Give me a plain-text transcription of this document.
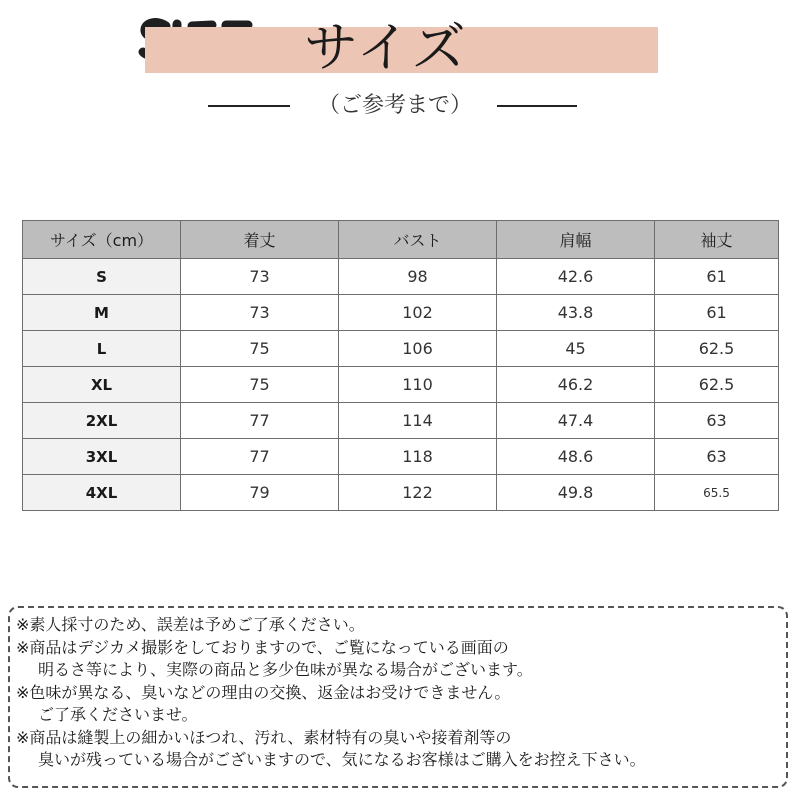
サイズ
（ご参考まで）
サイズ（cm）	着丈	バスト	肩幅	袖丈
S	73	98	42.6	61
M	73	102	43.8	61
L	75	106	45	62.5
XL	75	110	46.2	62.5
2XL	77	114	47.4	63
3XL	77	118	48.6	63
4XL	79	122	49.8	65.5

※素人採寸のため、誤差は予めご了承ください。

※商品はデジカメ撮影をしておりますので、ご覧になっている画面の

明るさ等により、実際の商品と多少色味が異なる場合がございます。

※色味が異なる、臭いなどの理由の交換、返金はお受けできません。

ご了承くださいませ。

※商品は縫製上の細かいほつれ、汚れ、素材特有の臭いや接着剤等の

臭いが残っている場合がございますので、気になるお客様はご購入をお控え下さい。
